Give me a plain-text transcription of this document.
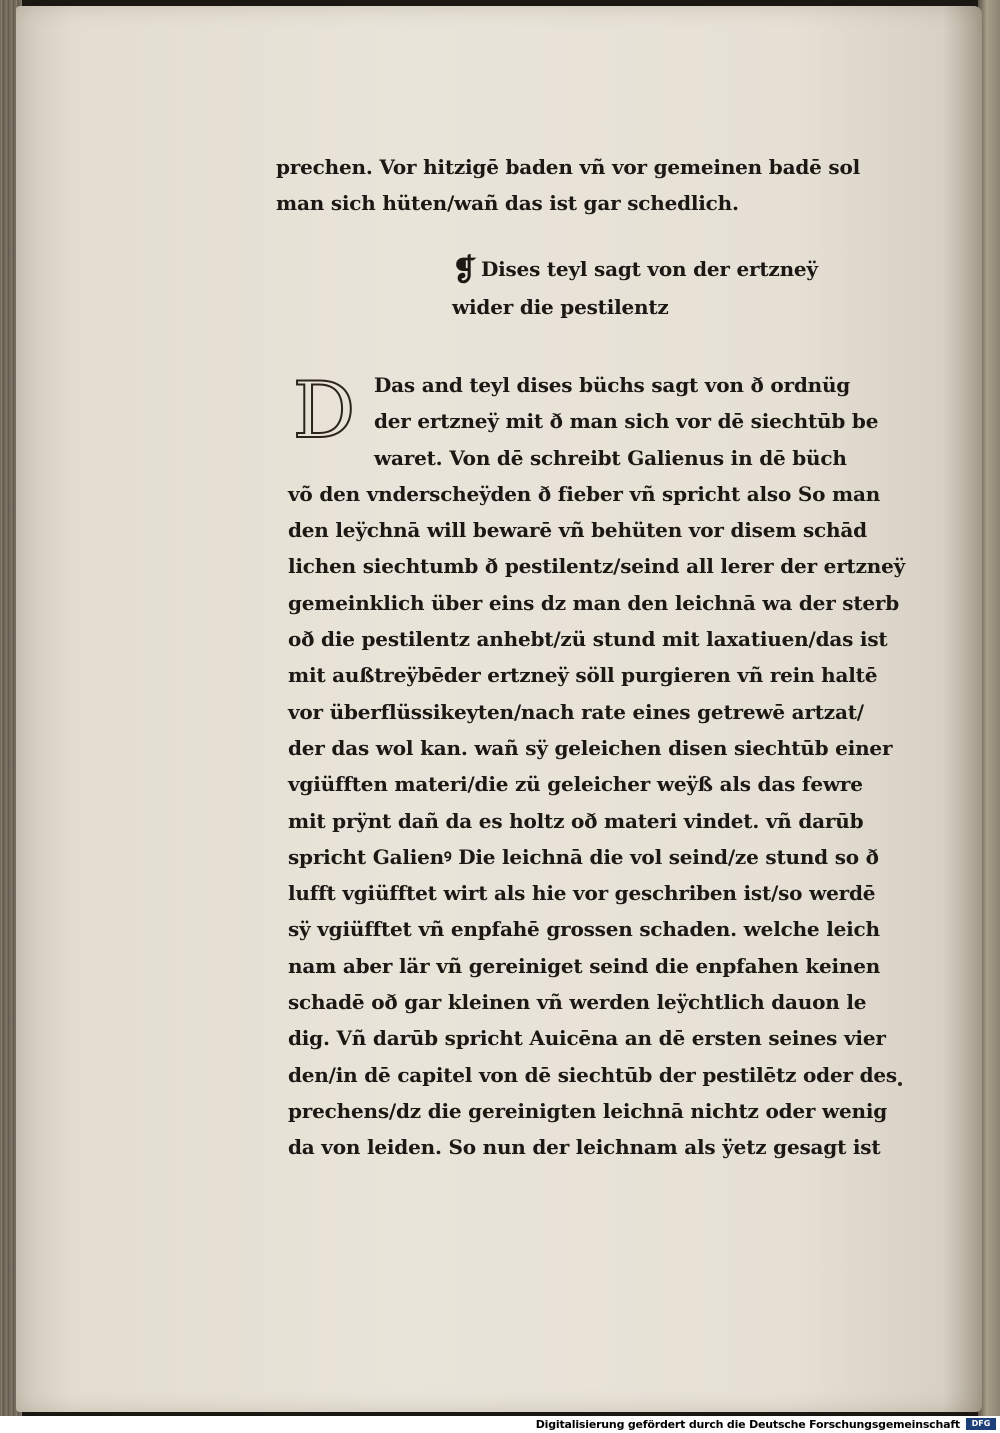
prechen. Vor hitzigē baden vñ vor gemeinen badē sol
man sich hüten/wañ das ist gar schedlich.
❡ Dises teyl sagt von der ertzneÿ
wider die pestilentz
D Das and teyl dises büchs sagt von ð ordnüg
der ertzneÿ mit ð man sich vor dē siechtūb be
waret. Von dē schreibt Galienus in dē büch
võ den vnderscheÿden ð fieber vñ spricht also So man
den leÿchnā will bewarē vñ behüten vor disem schād
lichen siechtumb ð pestilentz/seind all lerer der ertzneÿ
gemeinklich über eins dz man den leichnā wa der sterb
oð die pestilentz anhebt/zü stund mit laxatiuen/das ist
mit außtreÿbēder ertzneÿ söll purgieren vñ rein haltē
vor überflüssikeyten/nach rate eines getrewē artzat/
der das wol kan. wañ sÿ geleichen disen siechtūb einer
vgiüfften materi/die zü geleicher weÿß als das fewre
mit prÿnt dañ da es holtz oð materi vindet. vñ darūb
spricht Galienꝰ Die leichnā die vol seind/ze stund so ð
lufft vgiüfftet wirt als hie vor geschriben ist/so werdē
sÿ vgiüfftet vñ enpfahē grossen schaden. welche leich
nam aber lär vñ gereiniget seind die enpfahen keinen
schadē oð gar kleinen vñ werden leÿchtlich dauon le
dig. Vñ darūb spricht Auicēna an dē ersten seines vier
den/in dē capitel von dē siechtūb der pestilētz oder des
prechens/dz die gereinigten leichnā nichtz oder wenig
da von leiden. So nun der leichnam als ÿetz gesagt ist
Digitalisierung gefördert durch die Deutsche Forschungsgemeinschaft	DFG
